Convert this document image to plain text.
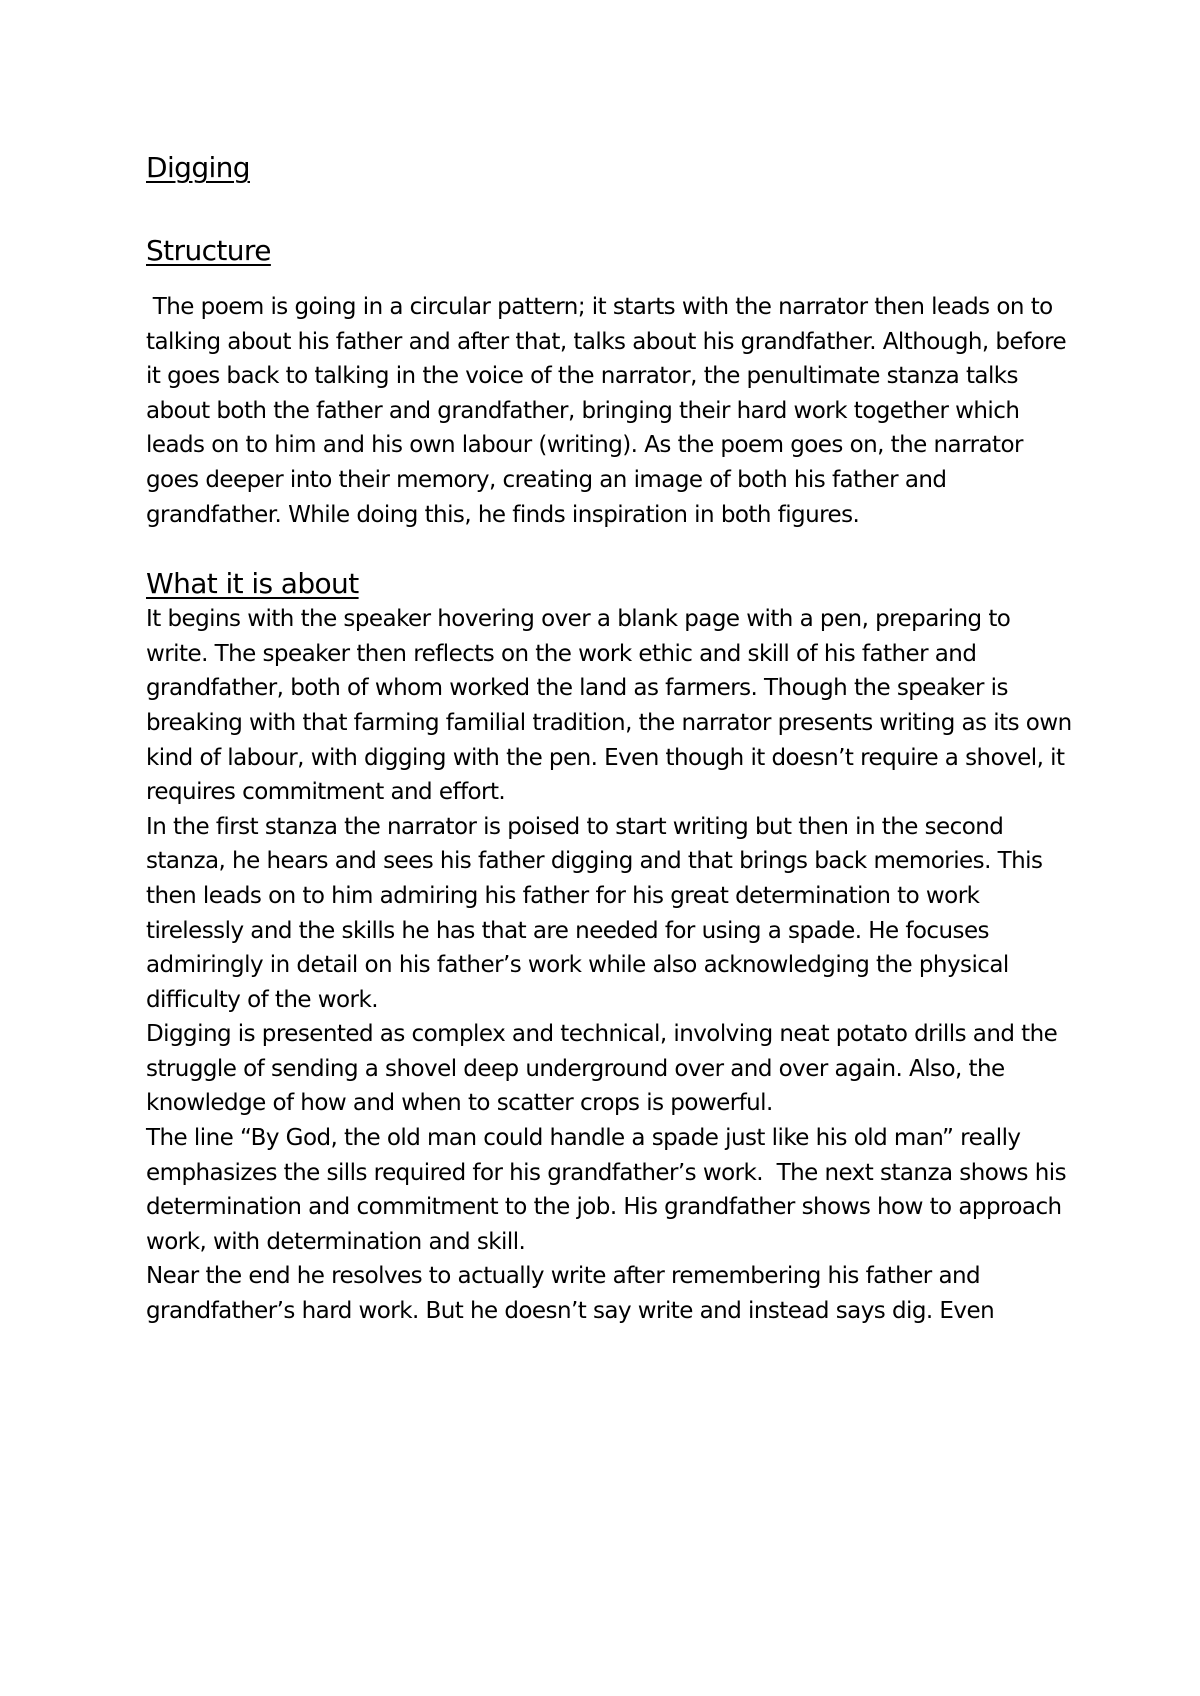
Digging
Structure

The poem is going in a circular pattern; it starts with the narrator then leads on to talking about his father and after that, talks about his grandfather. Although, before it goes back to talking in the voice of the narrator, the penultimate stanza talks about both the father and grandfather, bringing their hard work together which leads on to him and his own labour (writing). As the poem goes on, the narrator goes deeper into their memory, creating an image of both his father and grandfather. While doing this, he finds inspiration in both figures.

What it is about

It begins with the speaker hovering over a blank page with a pen, preparing to write. The speaker then reflects on the work ethic and skill of his father and grandfather, both of whom worked the land as farmers. Though the speaker is breaking with that farming familial tradition, the narrator presents writing as its own kind of labour, with digging with the pen. Even though it doesn’t require a shovel, it requires commitment and effort.

In the first stanza the narrator is poised to start writing but then in the second stanza, he hears and sees his father digging and that brings back memories. This then leads on to him admiring his father for his great determination to work tirelessly and the skills he has that are needed for using a spade. He focuses admiringly in detail on his father’s work while also acknowledging the physical difficulty of the work.

Digging is presented as complex and technical, involving neat potato drills and the struggle of sending a shovel deep underground over and over again. Also, the knowledge of how and when to scatter crops is powerful.

The line “By God, the old man could handle a spade just like his old man” really emphasizes the sills required for his grandfather’s work.  The next stanza shows his determination and commitment to the job. His grandfather shows how to approach work, with determination and skill.

Near the end he resolves to actually write after remembering his father and grandfather’s hard work. But he doesn’t say write and instead says dig. Even
